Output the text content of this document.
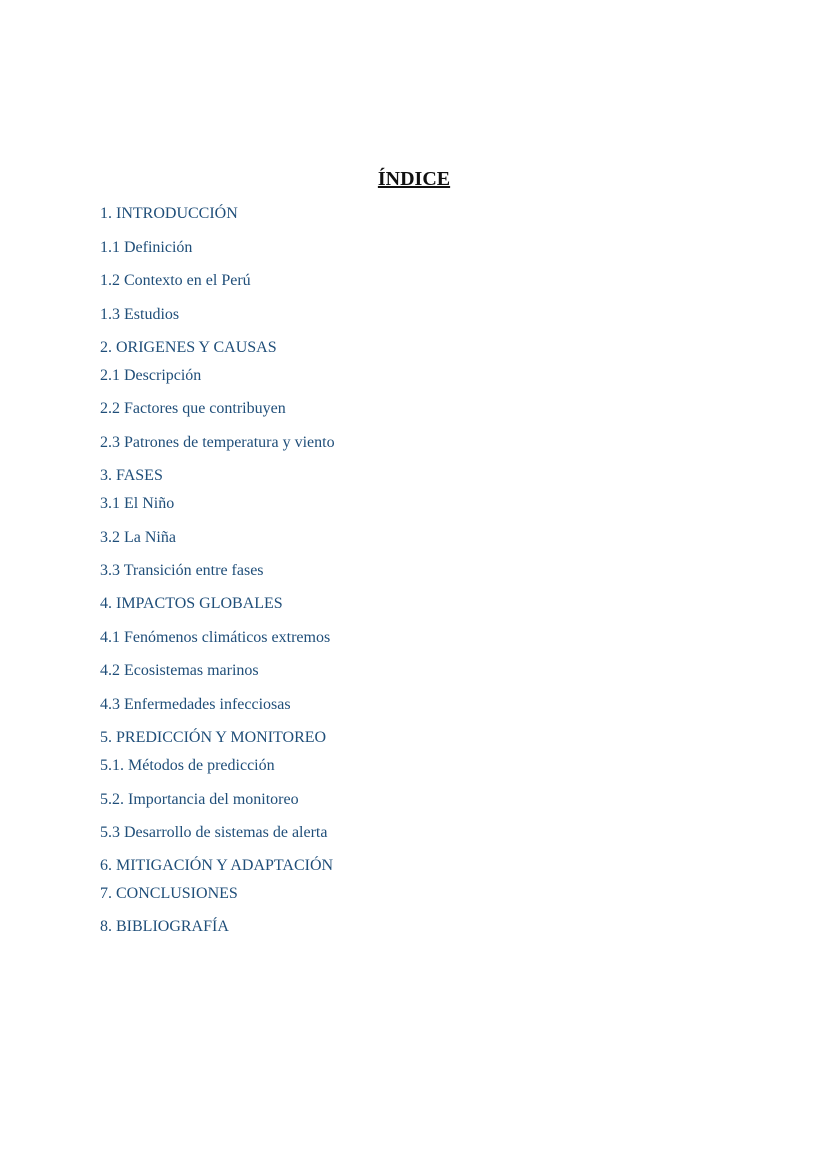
ÍNDICE
1. INTRODUCCIÓN
1.1 Definición
1.2 Contexto en el Perú
1.3 Estudios
2. ORIGENES Y CAUSAS
2.1 Descripción
2.2 Factores que contribuyen
2.3 Patrones de temperatura y viento
3. FASES
3.1 El Niño
3.2 La Niña
3.3 Transición entre fases
4. IMPACTOS GLOBALES
4.1 Fenómenos climáticos extremos
4.2 Ecosistemas marinos
4.3 Enfermedades infecciosas
5. PREDICCIÓN Y MONITOREO
5.1. Métodos de predicción
5.2. Importancia del monitoreo
5.3 Desarrollo de sistemas de alerta
6. MITIGACIÓN Y ADAPTACIÓN
7. CONCLUSIONES
8. BIBLIOGRAFÍA
